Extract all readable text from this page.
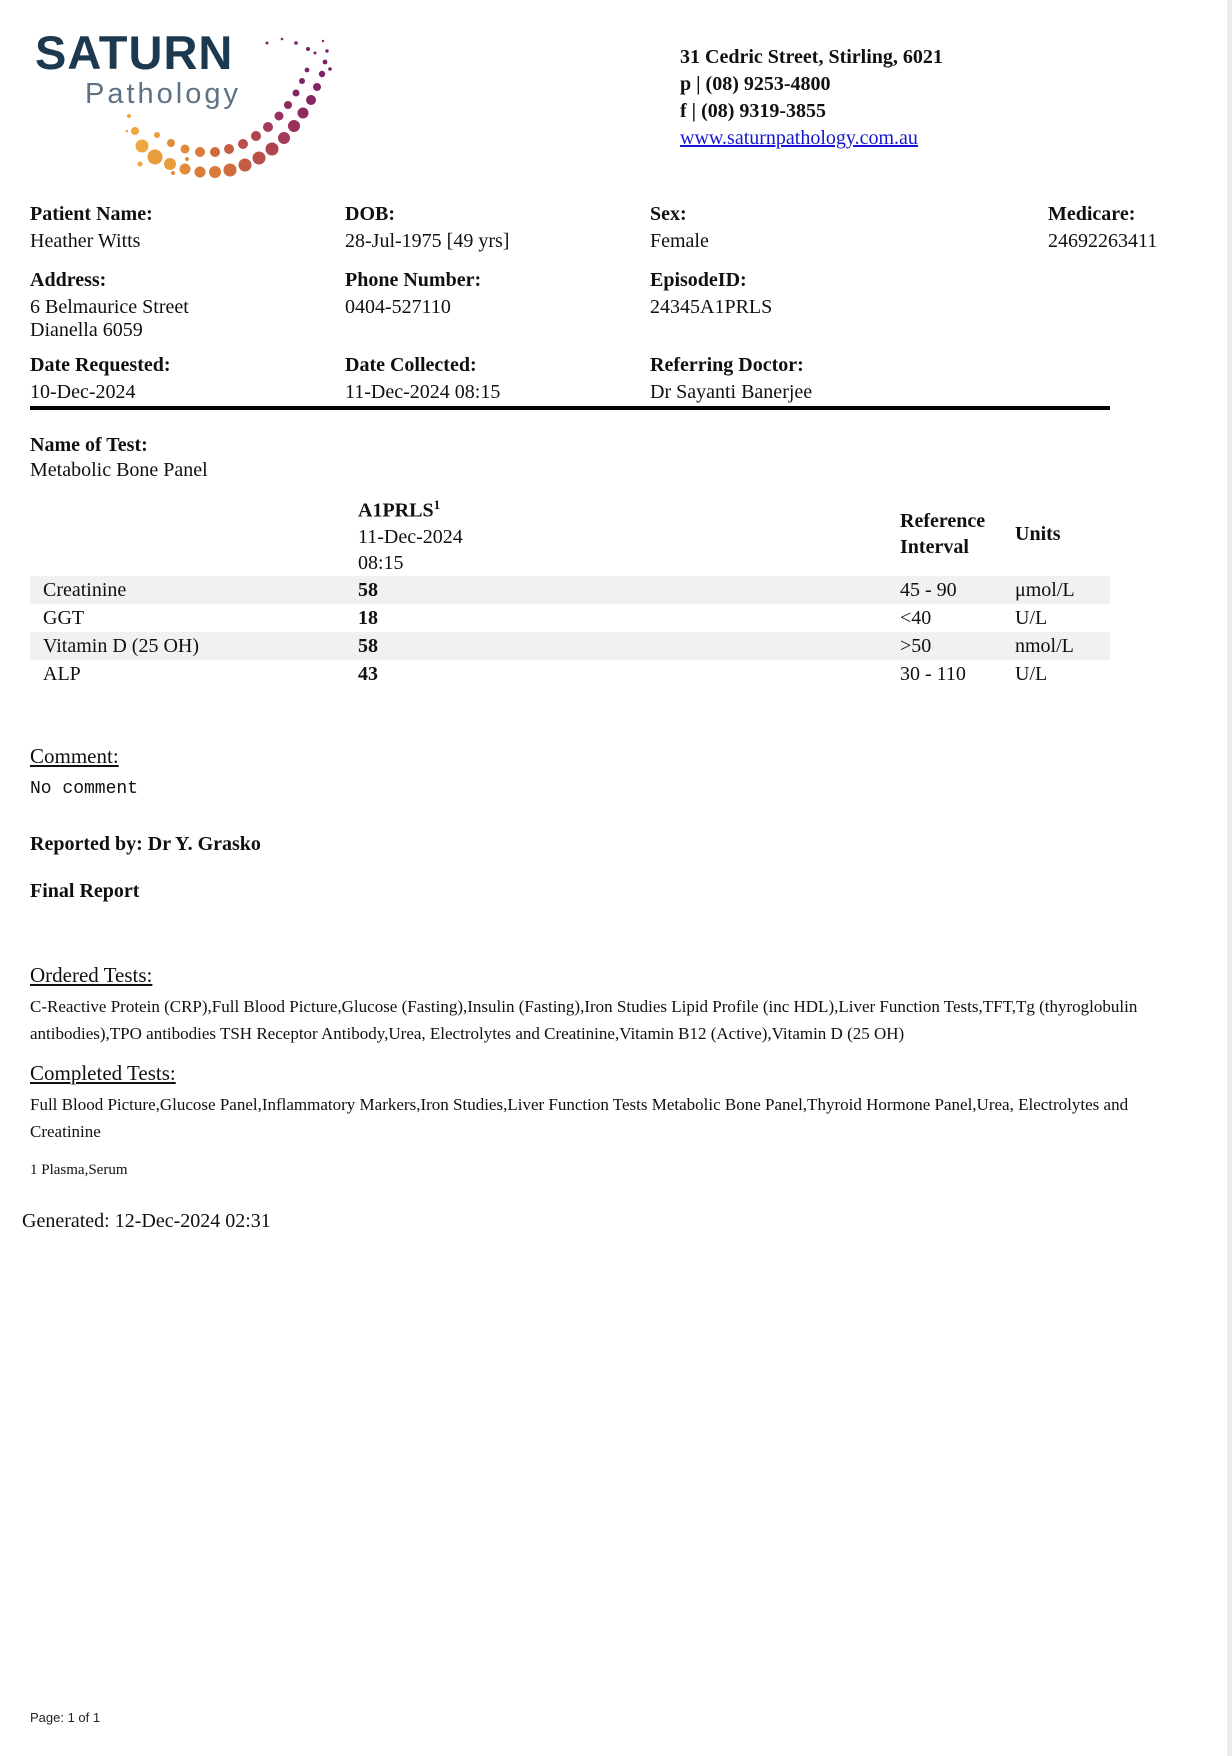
SATURN
Pathology
31 Cedric Street, Stirling, 6021
p | (08) 9253-4800
f | (08) 9319-3855
www.saturnpathology.com.au
Patient Name:
Heather Witts
DOB:
28-Jul-1975 [49 yrs]
Sex:
Female
Medicare:
24692263411
Address:
6 Belmaurice Street
Dianella 6059
Phone Number:
0404-527110
EpisodeID:
24345A1PRLS
Date Requested:
10-Dec-2024
Date Collected:
11-Dec-2024 08:15
Referring Doctor:
Dr Sayanti Banerjee
Name of Test:
Metabolic Bone Panel
A1PRLS$^1$
11-Dec-2024
08:15
Reference Interval
Units
Creatinine	58	45 - 90	μmol/L
GGT	18	<40	U/L
Vitamin D (25 OH)	58	>50	nmol/L
ALP	43	30 - 110	U/L
Comment:
No comment
Reported by: Dr Y. Grasko
Final Report
Ordered Tests:
C-Reactive Protein (CRP),Full Blood Picture,Glucose (Fasting),Insulin (Fasting),Iron Studies Lipid Profile (inc HDL),Liver Function Tests,TFT,Tg (thyroglobulin antibodies),TPO antibodies TSH Receptor Antibody,Urea, Electrolytes and Creatinine,Vitamin B12 (Active),Vitamin D (25 OH)
Completed Tests:
Full Blood Picture,Glucose Panel,Inflammatory Markers,Iron Studies,Liver Function Tests Metabolic Bone Panel,Thyroid Hormone Panel,Urea, Electrolytes and Creatinine
1 Plasma,Serum
Generated: 12-Dec-2024 02:31
Page: 1 of 1
